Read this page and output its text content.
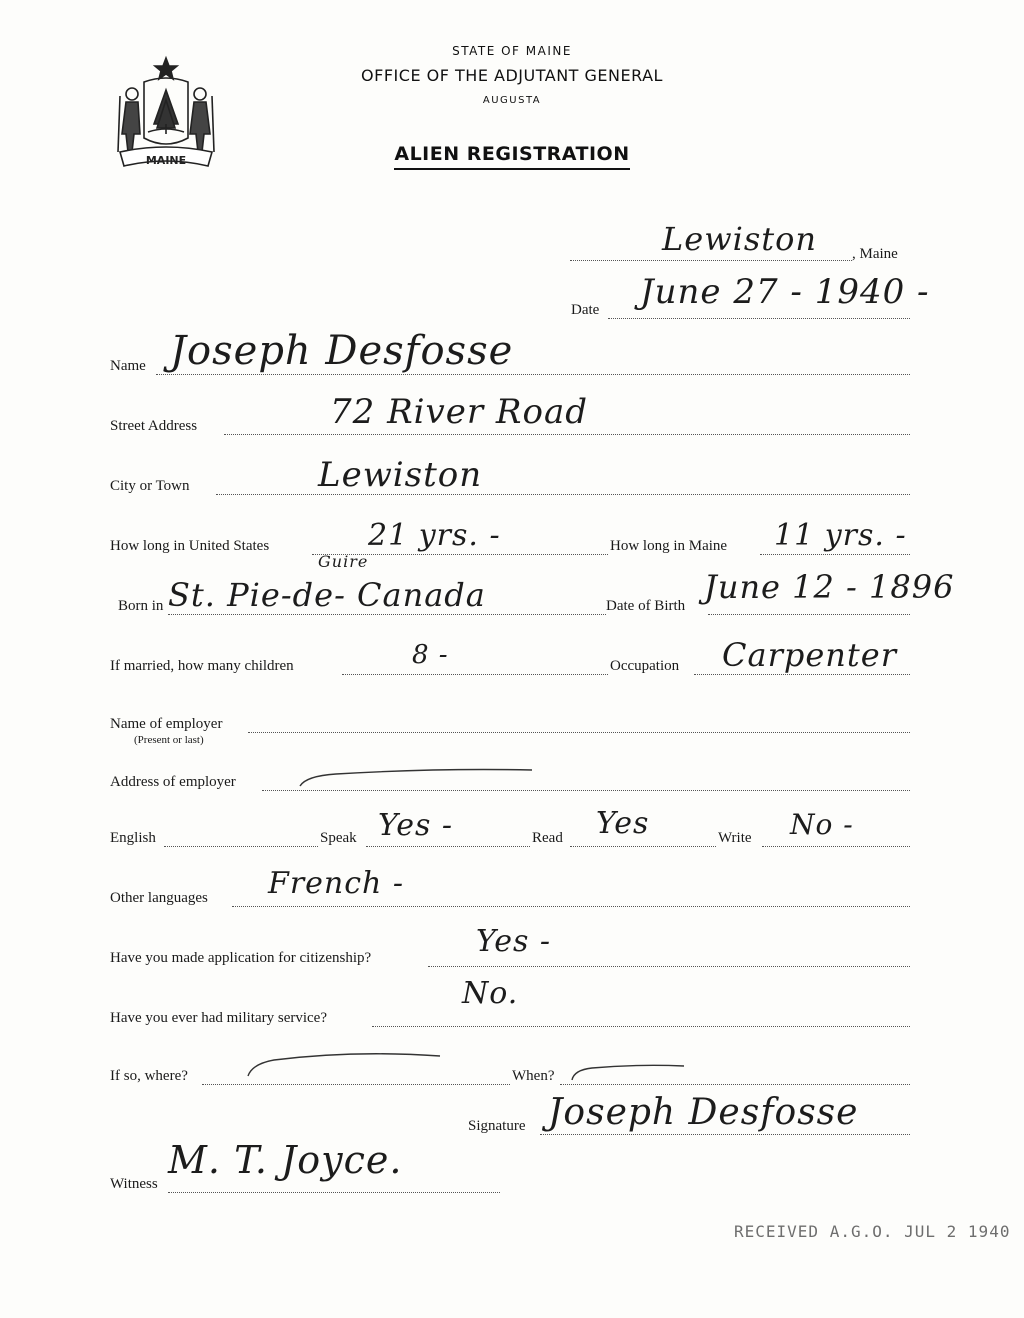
MAINE
STATE OF MAINE
OFFICE OF THE ADJUTANT GENERAL
AUGUSTA
ALIEN REGISTRATION
, Maine
Lewiston
Date June 27 - 1940 -
Name Joseph Desfosse
Street Address	72 River Road
City or Town	Lewiston
How long in United States	21 yrs. -	How long in Maine 11 yrs. -
Guire
Born in St. Pie-de- Canada	Date of Birth June 12 - 1896
If married, how many children	8 -	Occupation Carpenter
Name of employer
(Present or last)
Address of employer
English	Speak Yes -	Read Yes	Write No -
Other languages French -
Have you made application for citizenship?	Yes -
Have you ever had military service?
No.
If so, where?	When?
Signature Joseph Desfosse
Witness
M. T. Joyce.
RECEIVED A.G.O. JUL 2 1940
